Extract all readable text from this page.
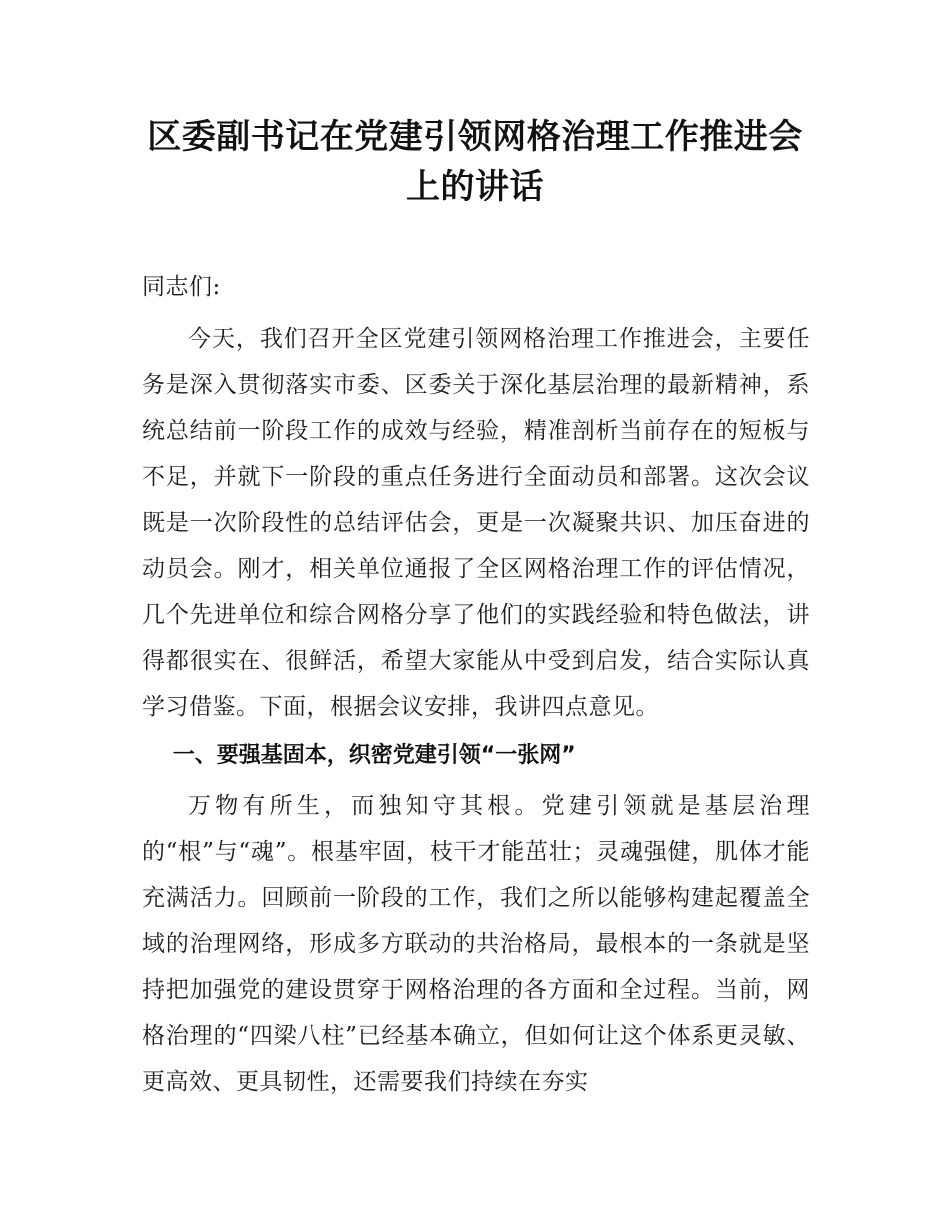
区委副书记在党建引领网格治理工作推进会上的讲话

同志们:

今天，我们召开全区党建引领网格治理工作推进会，主要任务是深入贯彻落实市委、区委关于深化基层治理的最新精神，系统总结前一阶段工作的成效与经验，精准剖析当前存在的短板与不足，并就下一阶段的重点任务进行全面动员和部署。这次会议既是一次阶段性的总结评估会，更是一次凝聚共识、加压奋进的动员会。刚才，相关单位通报了全区网格治理工作的评估情况，几个先进单位和综合网格分享了他们的实践经验和特色做法，讲得都很实在、很鲜活，希望大家能从中受到启发，结合实际认真学习借鉴。下面，根据会议安排，我讲四点意见。

一、要强基固本，织密党建引领“一张网”

万物有所生，而独知守其根。党建引领就是基层治理的“根”与“魂”。根基牢固，枝干才能茁壮；灵魂强健，肌体才能充满活力。回顾前一阶段的工作，我们之所以能够构建起覆盖全域的治理网络，形成多方联动的共治格局，最根本的一条就是坚持把加强党的建设贯穿于网格治理的各方面和全过程。当前，网格治理的“四梁八柱”已经基本确立，但如何让这个体系更灵敏、更高效、更具韧性，还需要我们持续在夯实
